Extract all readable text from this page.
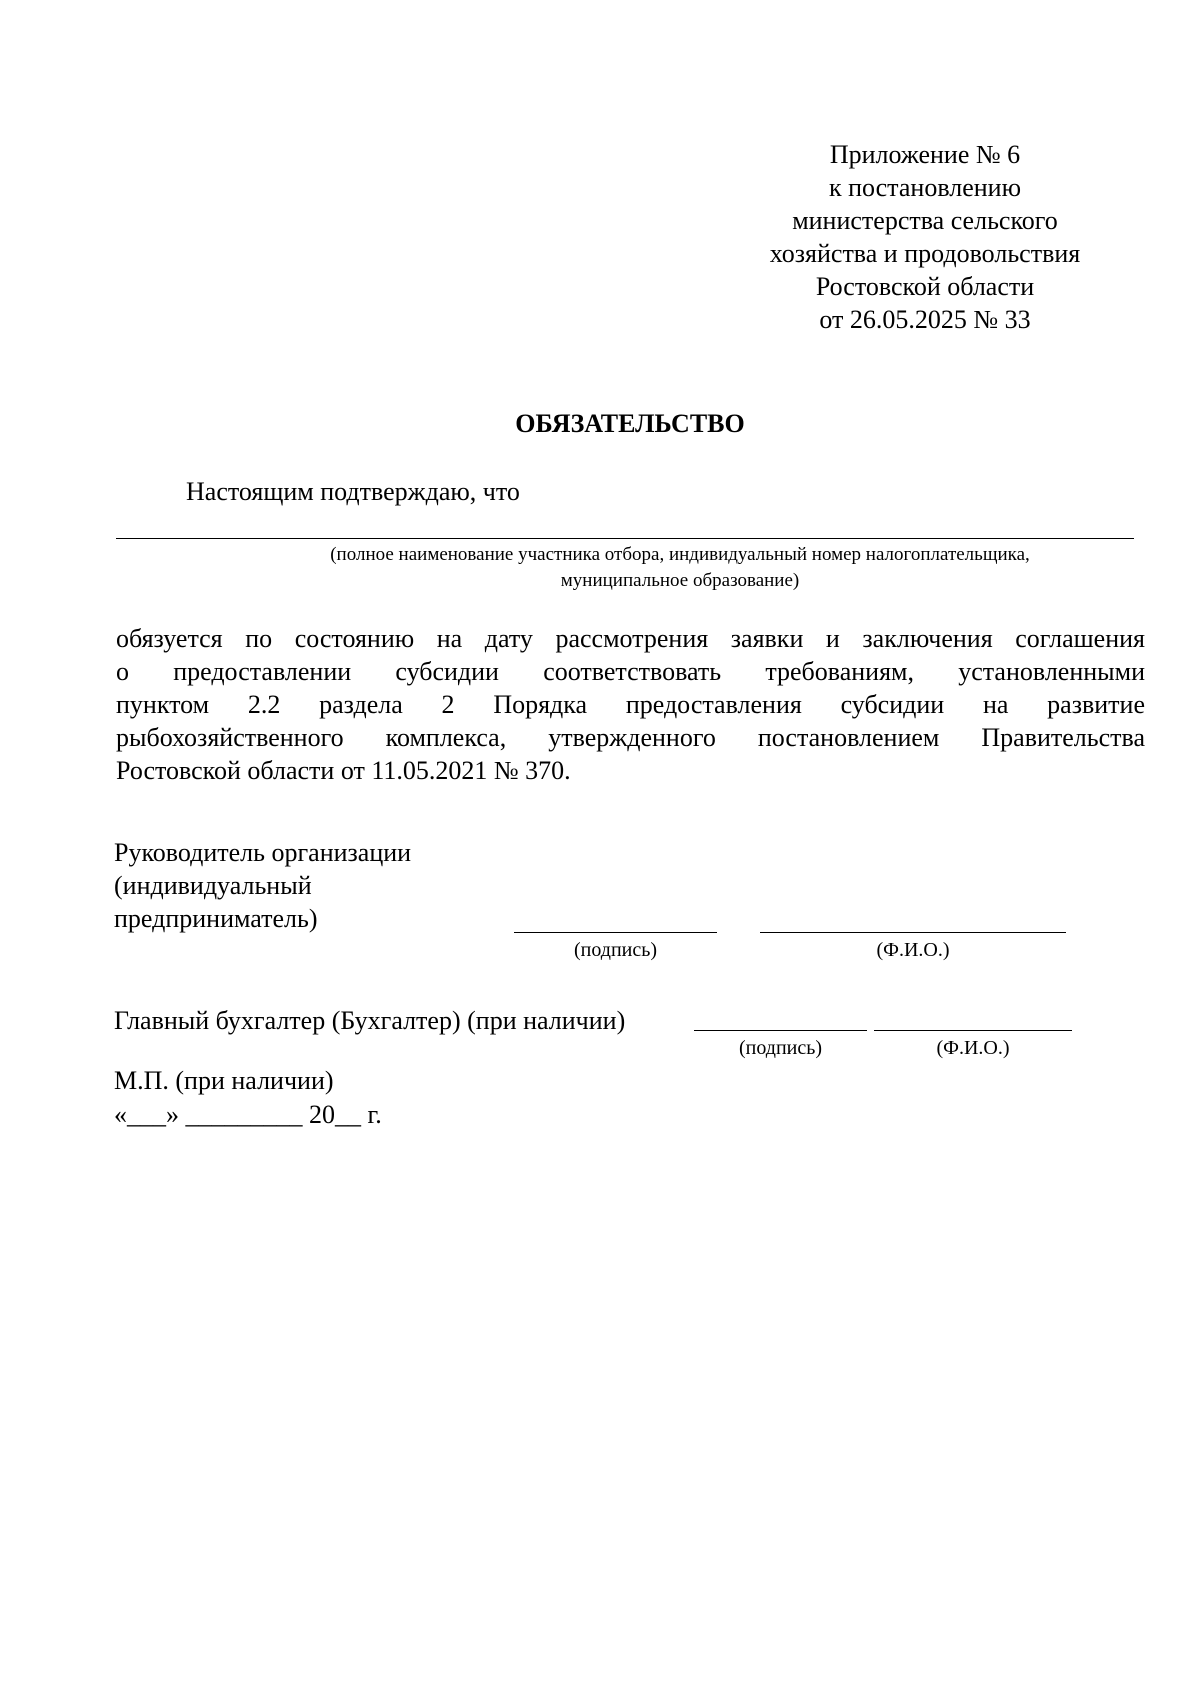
Приложение № 6
к постановлению
министерства сельского
хозяйства и продовольствия
Ростовской области
от 26.05.2025 № 33
ОБЯЗАТЕЛЬСТВО
Настоящим подтверждаю, что
(полное наименование участника отбора, индивидуальный номер налогоплательщика,
муниципальное образование)
обязуется по состоянию на дату рассмотрения заявки и заключения соглашения
о предоставлении субсидии соответствовать требованиям, установленными
пунктом 2.2 раздела 2 Порядка предоставления субсидии на развитие
рыбохозяйственного комплекса, утвержденного постановлением Правительства
Ростовской области от 11.05.2021 № 370.
Руководитель организации
(индивидуальный
предприниматель)
(подпись)	(Ф.И.О.)
Главный бухгалтер (Бухгалтер) (при наличии)
(подпись)	(Ф.И.О.)
М.П. (при наличии)
«___» _________ 20__ г.
